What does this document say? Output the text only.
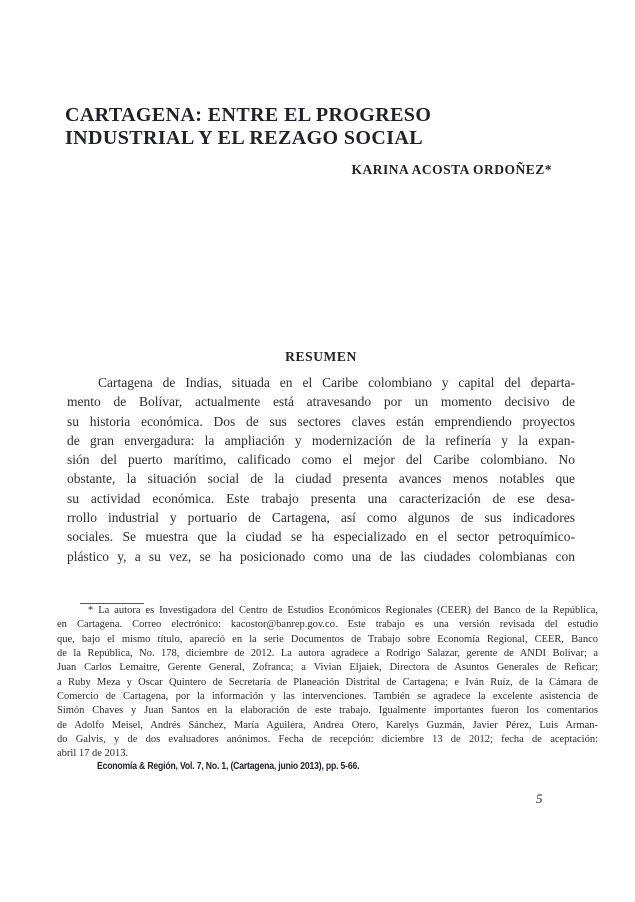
CARTAGENA: ENTRE EL PROGRESO
INDUSTRIAL Y EL REZAGO SOCIAL
KARINA ACOSTA ORDOÑEZ*
RESUMEN
Cartagena de Indias, situada en el Caribe colombiano y capital del departa-
mento de Bolívar, actualmente está atravesando por un momento decisivo de
su historia económica. Dos de sus sectores claves están emprendiendo proyectos
de gran envergadura: la ampliación y modernización de la refinería y la expan-
sión del puerto marítimo, calificado como el mejor del Caribe colombiano. No
obstante, la situación social de la ciudad presenta avances menos notables que
su actividad económica. Este trabajo presenta una caracterización de ese desa-
rrollo industrial y portuario de Cartagena, así como algunos de sus indicadores
sociales. Se muestra que la ciudad se ha especializado en el sector petroquímico-
plástico y, a su vez, se ha posicionado como una de las ciudades colombianas con
* La autora es Investigadora del Centro de Estudios Económicos Regionales (CEER) del Banco de la República,
en Cartagena. Correo electrónico: kacostor@banrep.gov.co. Este trabajo es una versión revisada del estudio
que, bajo el mismo título, apareció en la serie Documentos de Trabajo sobre Economía Regional, CEER, Banco
de la República, No. 178, diciembre de 2012. La autora agradece a Rodrigo Salazar, gerente de ANDI Bolívar; a
Juan Carlos Lemaitre, Gerente General, Zofranca; a Vivian Eljaiek, Directora de Asuntos Generales de Reficar;
a Ruby Meza y Oscar Quintero de Secretaría de Planeación Distrital de Cartagena; e Iván Ruíz, de la Cámara de
Comercio de Cartagena, por la información y las intervenciones. También se agradece la excelente asistencia de
Simón Chaves y Juan Santos en la elaboración de este trabajo. Igualmente importantes fueron los comentarios
de Adolfo Meisel, Andrés Sánchez, María Aguilera, Andrea Otero, Karelys Guzmán, Javier Pérez, Luis Arman-
do Galvis, y de dos evaluadores anónimos. Fecha de recepción: diciembre 13 de 2012; fecha de aceptación:
abril 17 de 2013.
Economía & Región, Vol. 7, No. 1, (Cartagena, junio 2013), pp. 5-66.
5
